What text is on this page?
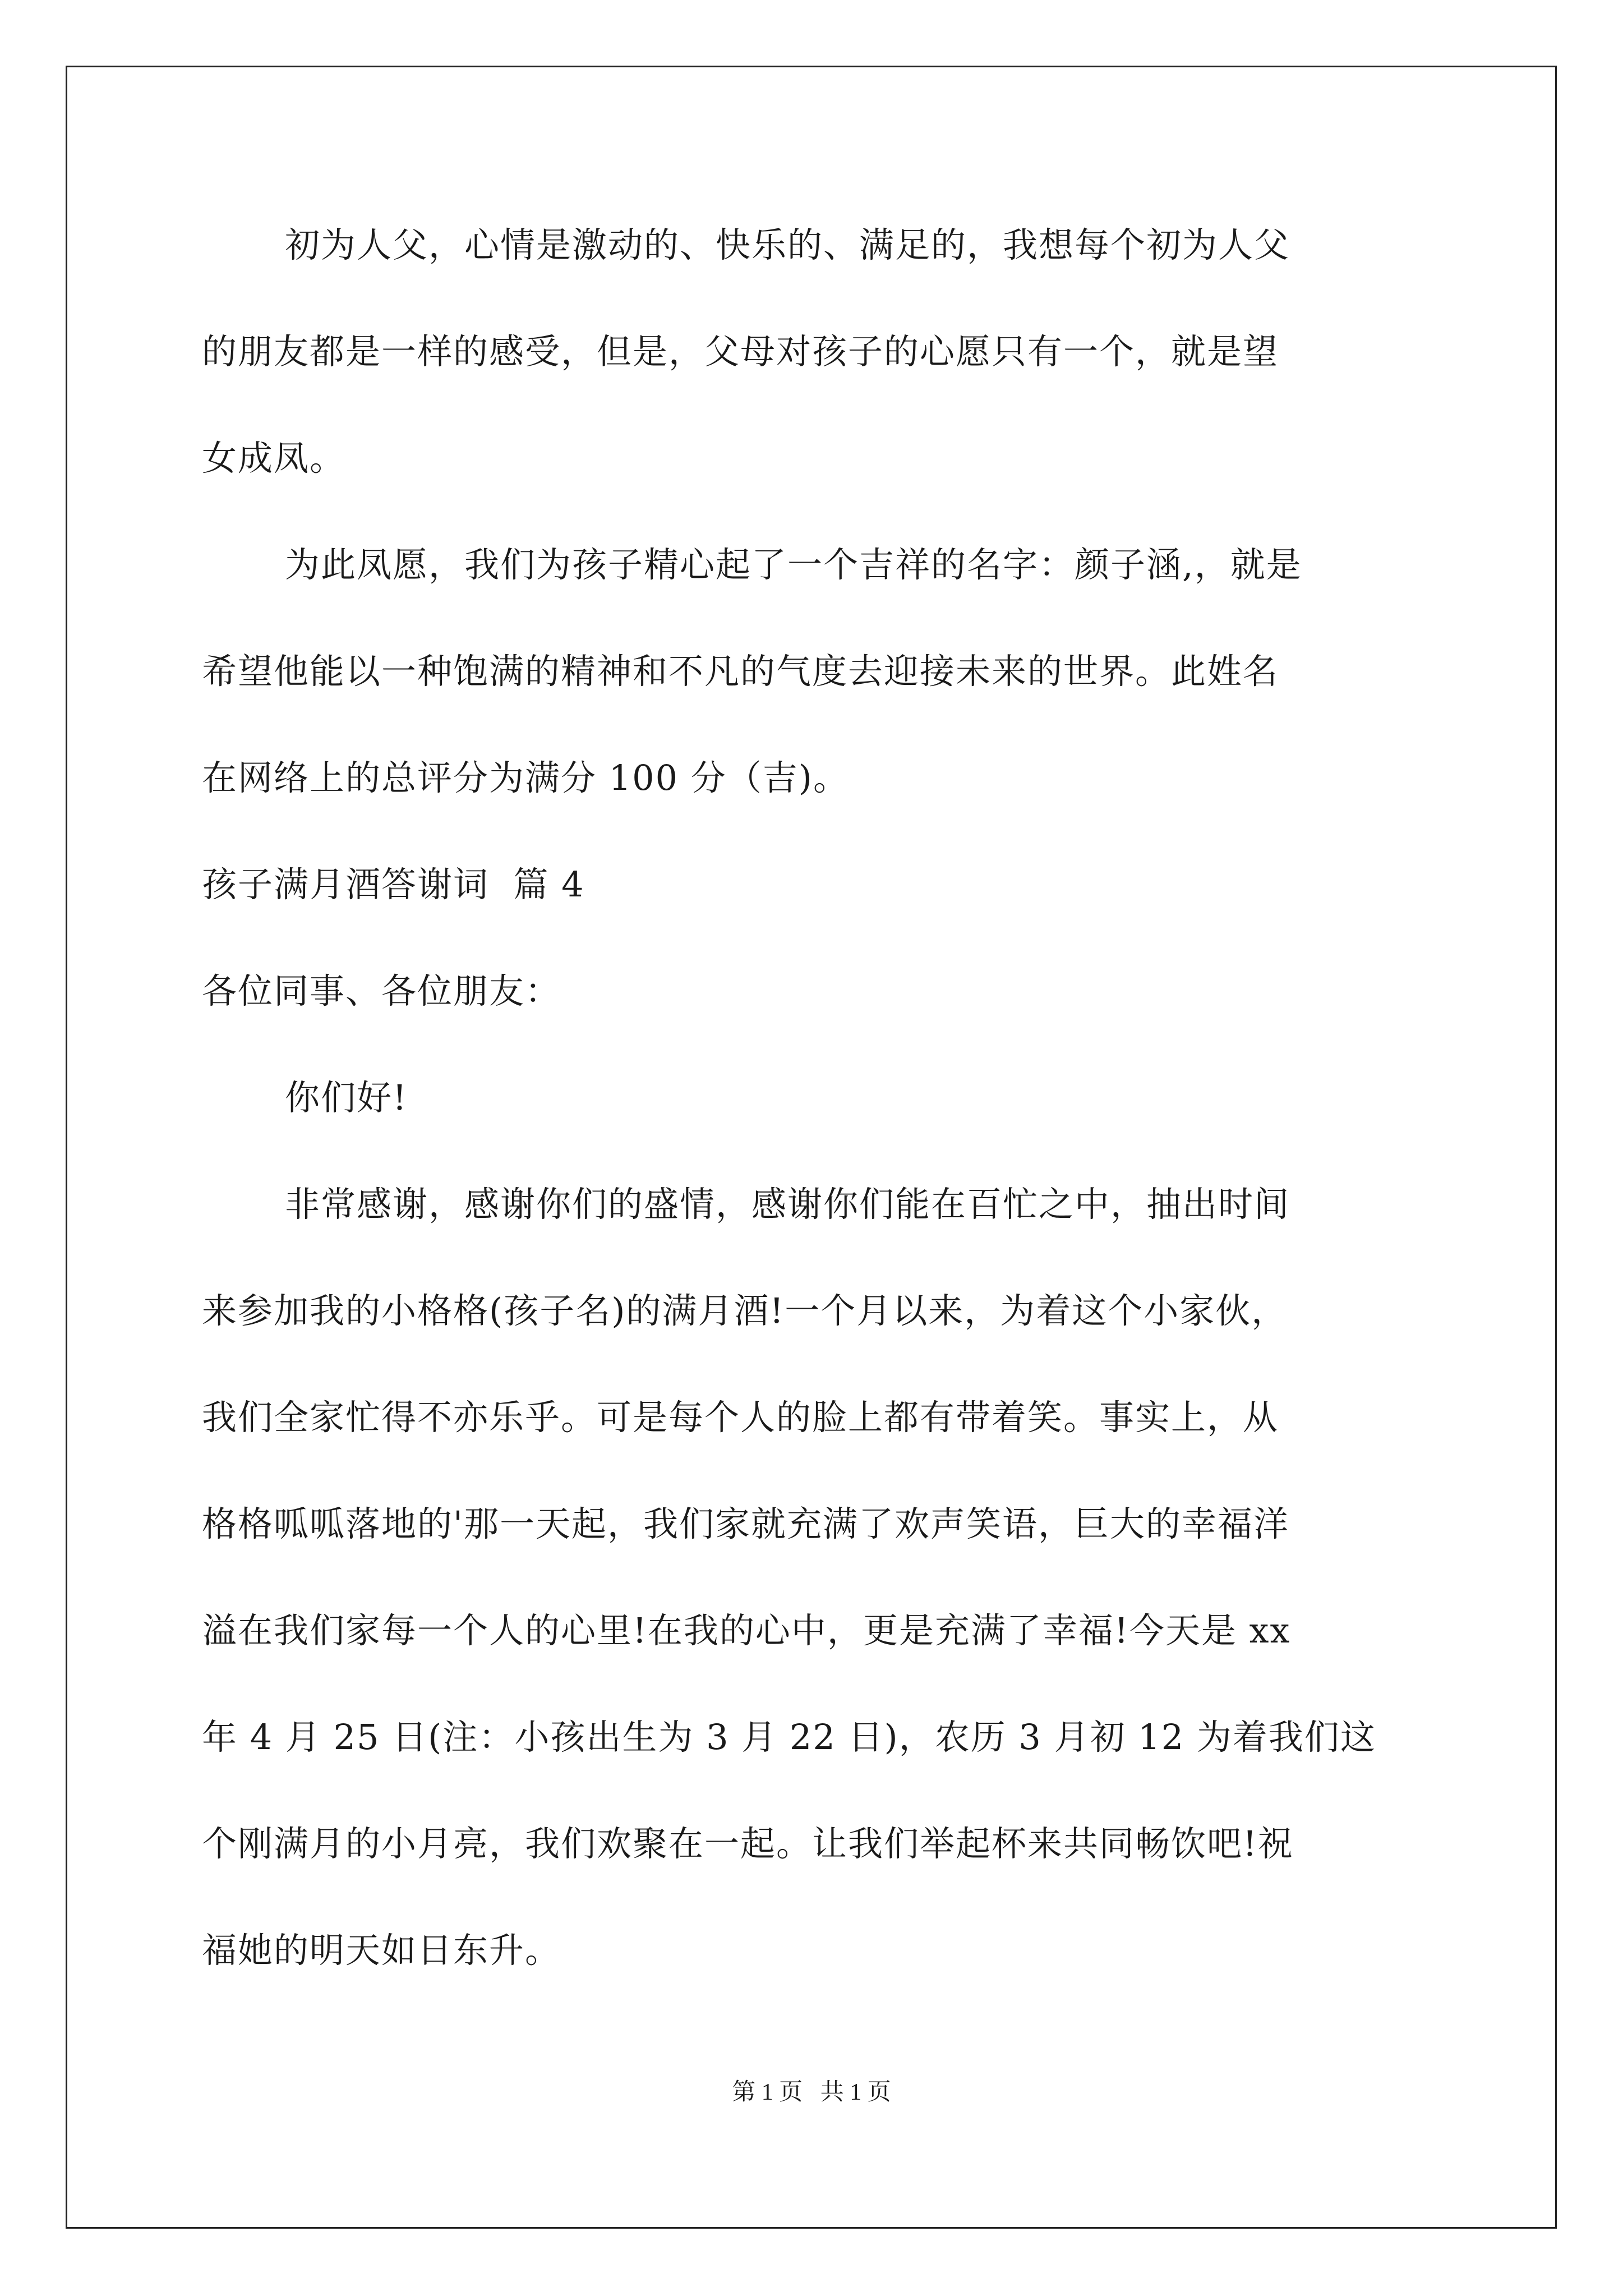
初为人父，心情是激动的、快乐的、满足的，我想每个初为人父
的朋友都是一样的感受，但是，父母对孩子的心愿只有一个，就是望
女成凤。
为此凤愿，我们为孩子精心起了一个吉祥的名字：颜子涵,，就是
希望他能以一种饱满的精神和不凡的气度去迎接未来的世界。此姓名
在网络上的总评分为满分 100 分（吉)。
孩子满月酒答谢词  篇 4
各位同事、各位朋友：
你们好!
非常感谢，感谢你们的盛情，感谢你们能在百忙之中，抽出时间
来参加我的小格格(孩子名)的满月酒!一个月以来，为着这个小家伙，
我们全家忙得不亦乐乎。可是每个人的脸上都有带着笑。事实上，从
格格呱呱落地的'那一天起，我们家就充满了欢声笑语，巨大的幸福洋
溢在我们家每一个人的心里!在我的心中，更是充满了幸福!今天是 xx
年 4 月 25 日(注：小孩出生为 3 月 22 日)，农历 3 月初 12 为着我们这
个刚满月的小月亮，我们欢聚在一起。让我们举起杯来共同畅饮吧!祝
福她的明天如日东升。
第 1 页 共 1 页
